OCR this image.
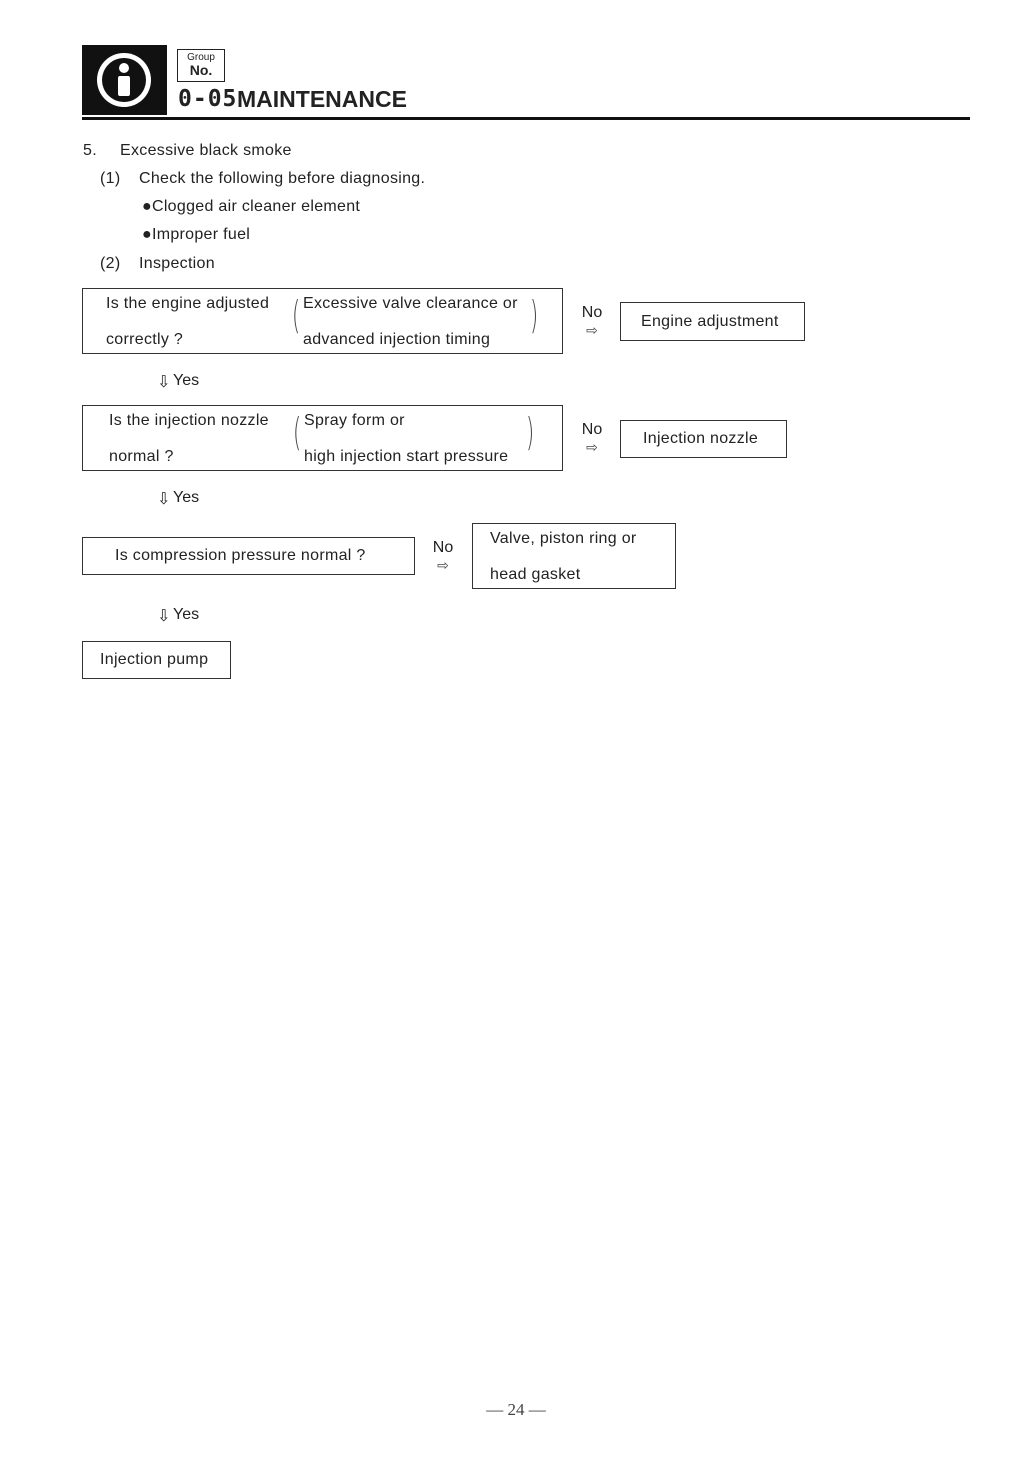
Group
No.
0-05 MAINTENANCE
5. Excessive black smoke
(1) Check the following before diagnosing.
●Clogged air cleaner element
●Improper fuel
(2) Inspection
Is the engine adjusted
correctly ?
(	)
Excessive valve clearance or
advanced injection timing
No
⇨	Engine adjustment
⇩ Yes
Is the injection nozzle
normal ?
(	)
Spray form or
high injection start pressure
No
⇨	Injection nozzle
⇩ Yes
Is compression pressure normal ?	No
⇨
Valve, piston ring or
head gasket
⇩ Yes
Injection pump
— 24 —
